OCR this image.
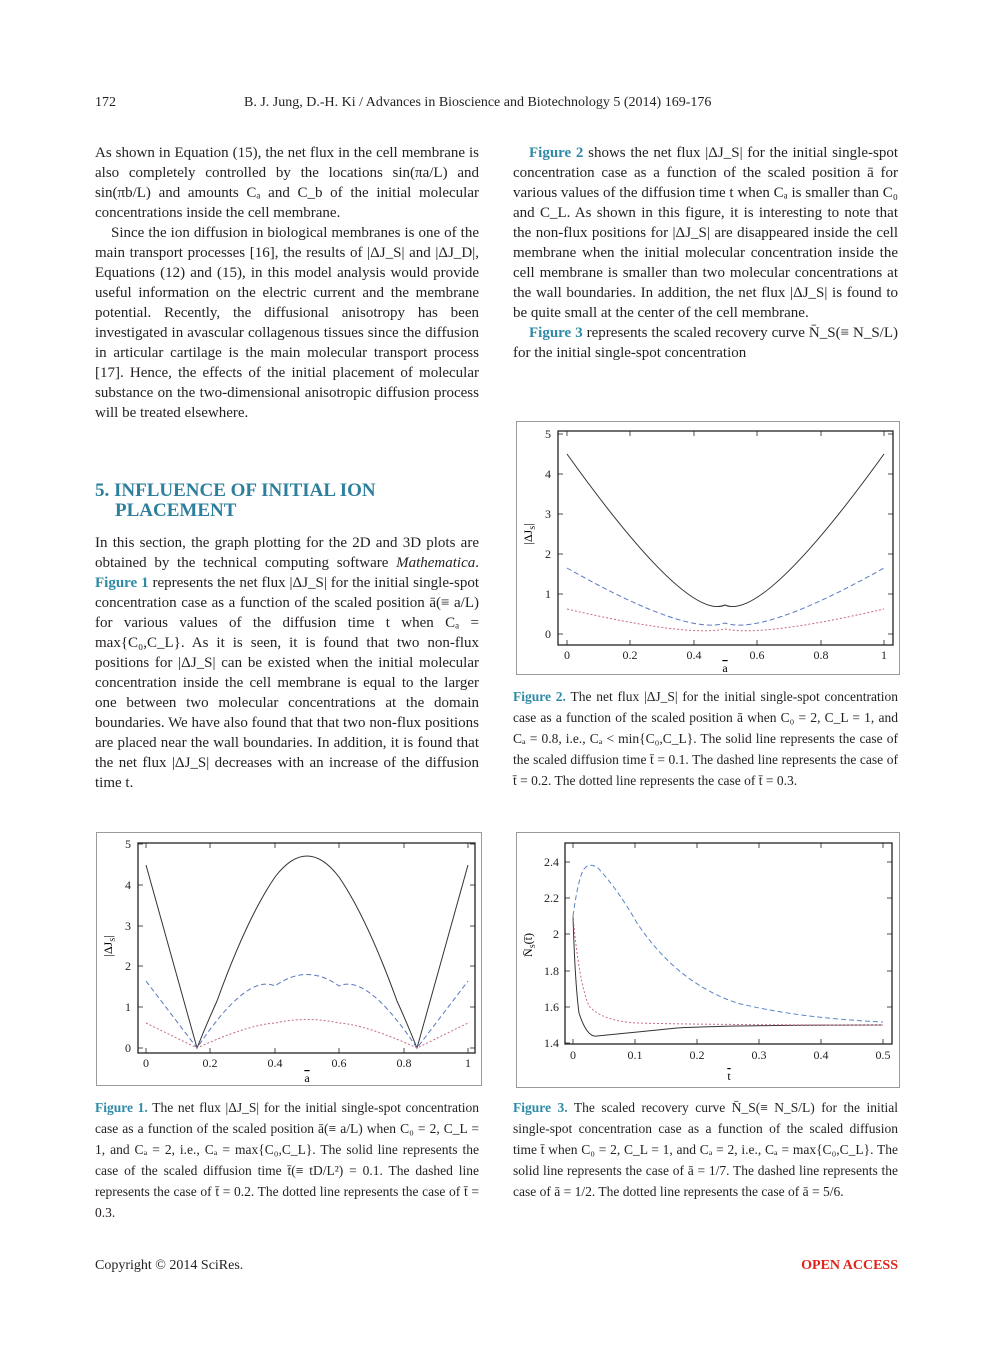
172	B. J. Jung, D.-H. Ki / Advances in Bioscience and Biotechnology 5 (2014) 169-176

As shown in Equation (15), the net flux in the cell membrane is also completely controlled by the locations sin(πa/L) and sin(πb/L) and amounts Cₐ and C_b of the initial molecular concentrations inside the cell membrane.

Since the ion diffusion in biological membranes is one of the main transport processes [16], the results of |ΔJ_S| and |ΔJ_D|, Equations (12) and (15), in this model analysis would provide useful information on the electric current and the membrane potential. Recently, the diffusional anisotropy has been investigated in avascular collagenous tissues since the diffusion in articular cartilage is the main molecular transport process [17]. Hence, the effects of the initial placement of molecular substance on the two-dimensional anisotropic diffusion process will be treated elsewhere.

5. INFLUENCE OF INITIAL ION
PLACEMENT

In this section, the graph plotting for the 2D and 3D plots are obtained by the technical computing software Mathematica. Figure 1 represents the net flux |ΔJ_S| for the initial single-spot concentration case as a function of the scaled position ā(≡ a/L) for various values of the diffusion time t when Cₐ = max{C₀,C_L}. As it is seen, it is found that two non-flux positions for |ΔJ_S| can be existed when the initial molecular concentration inside the cell membrane is equal to the larger one between two molecular concentrations at the domain boundaries. We have also found that that two non-flux positions are placed near the wall boundaries. In addition, it is found that the net flux |ΔJ_S| decreases with an increase of the diffusion time t.

Figure 2 shows the net flux |ΔJ_S| for the initial single-spot concentration case as a function of the scaled position ā for various values of the diffusion time t when Cₐ is smaller than C₀ and C_L. As shown in this figure, it is interesting to note that the non-flux positions for |ΔJ_S| are disappeared inside the cell membrane when the initial molecular concentration inside the cell membrane is smaller than two molecular concentrations at the wall boundaries. In addition, the net flux |ΔJ_S| is found to be quite small at the center of the cell membrane.

Figure 3 represents the scaled recovery curve N̄_S(≡ N_S/L) for the initial single-spot concentration

0	0.2	0.4	0.6	0.8	1
0
1
2
3
4
5
a
$|\Delta J_S|$
Figure 1. The net flux |ΔJ_S| for the initial single-spot concentration case as a function of the scaled position ā(≡ a/L) when C₀ = 2, C_L = 1, and Cₐ = 2, i.e., Cₐ = max{C₀,C_L}. The solid line represents the case of the scaled diffusion time t̄(≡ tD/L²) = 0.1. The dashed line represents the case of t̄ = 0.2. The dotted line represents the case of t̄ = 0.3.
0	0.2	0.4	0.6	0.8	1
0
1
2
3
4
5
a
$|\Delta J_S|$
Figure 2. The net flux |ΔJ_S| for the initial single-spot concentration case as a function of the scaled position ā when C₀ = 2, C_L = 1, and Cₐ = 0.8, i.e., Cₐ < min{C₀,C_L}. The solid line represents the case of the scaled diffusion time t̄ = 0.1. The dashed line represents the case of t̄ = 0.2. The dotted line represents the case of t̄ = 0.3.
0	0.1	0.2	0.3	0.4	0.5
1.4
1.6
1.8
2
2.2
2.4
t
$N̄_S(t̄)$
Figure 3. The scaled recovery curve N̄_S(≡ N_S/L) for the initial single-spot concentration case as a function of the scaled diffusion time t̄ when C₀ = 2, C_L = 1, and Cₐ = 2, i.e., Cₐ = max{C₀,C_L}. The solid line represents the case of ā = 1/7. The dashed line represents the case of ā = 1/2. The dotted line represents the case of ā = 5/6.
Copyright © 2014 SciRes.	OPEN ACCESS
